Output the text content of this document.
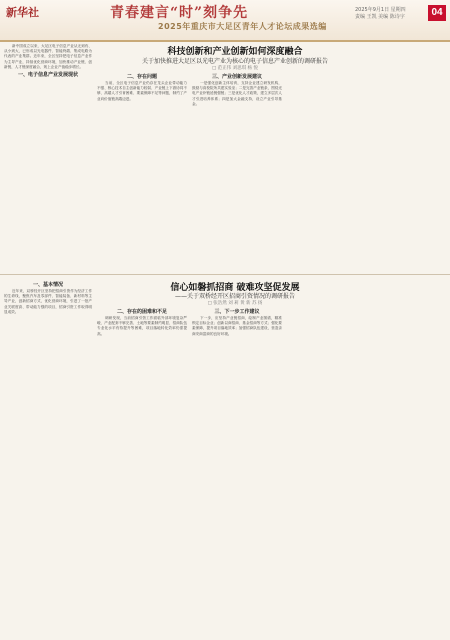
新华社	青春建言“时”刻争先
2025年重庆市大足区青年人才论坛成果选编
2025年9月1日 星期四
责编 王凯 美编 陈诗宇	04
科技创新和产业创新如何深度融合
关于加快推进大足区以光电产业为核心的电子信息产业创新的调研报告
□ 范正伟 刘思琪 杨 悦

新中国成立以来，大足区电子信息产业从无到有、从小到大，已形成以光电器件、智能终端、集成电路为代表的产业集群。近年来，全区坚持把电子信息产业作为主导产业，持续优化营商环境，加快推动产业链、创新链、人才链深度融合，规上企业产值稳步增长。

一、电子信息产业发展现状	二、存在问题

当前，全区电子信息产业仍存在龙头企业带动能力不强、核心技术自主创新能力较弱、产业链上下游协同不够、高端人才引育困难、要素保障不足等问题，制约了产业向价值链高端迈进。

三、产业创新发展建议

一是强化创新主体培育，支持企业建立研发机构，鼓励与高校院所共建实验室；二是完善产业链条，围绕光电产业补链延链强链；三是优化人才政策，建立多层次人才引进培养体系；四是加大金融支持，设立产业引导基金。

信心如磐抓招商 破难攻坚促发展
——关于双桥经开区招商引资情况的调研报告
□ 张浩然 刘 莉 黄 新 苏 扬
一、基本情况

近年来，双桥经开区坚持把招商引资作为经济工作的生命线，聚焦汽车及零部件、智能装备、新材料等主导产业，创新招商方式，优化营商环境，引进了一批产业关联度高、带动能力强的项目，招商引资工作取得明显成效。	二、存在的困难和不足

调研发现，当前招商引资工作面临外部环境复杂严峻、产业配套不够完善、土地等要素制约明显、招商队伍专业化水平有待提升等困难，项目落地转化效率仍需提高。

三、下一步工作建议

下一步，应坚持产业链招商，绘制产业图谱，精准锁定目标企业；创新以商招商、基金招商等方式；强化要素保障，提升项目落地效率；加强招商队伍建设，营造亲商安商富商的良好环境。
